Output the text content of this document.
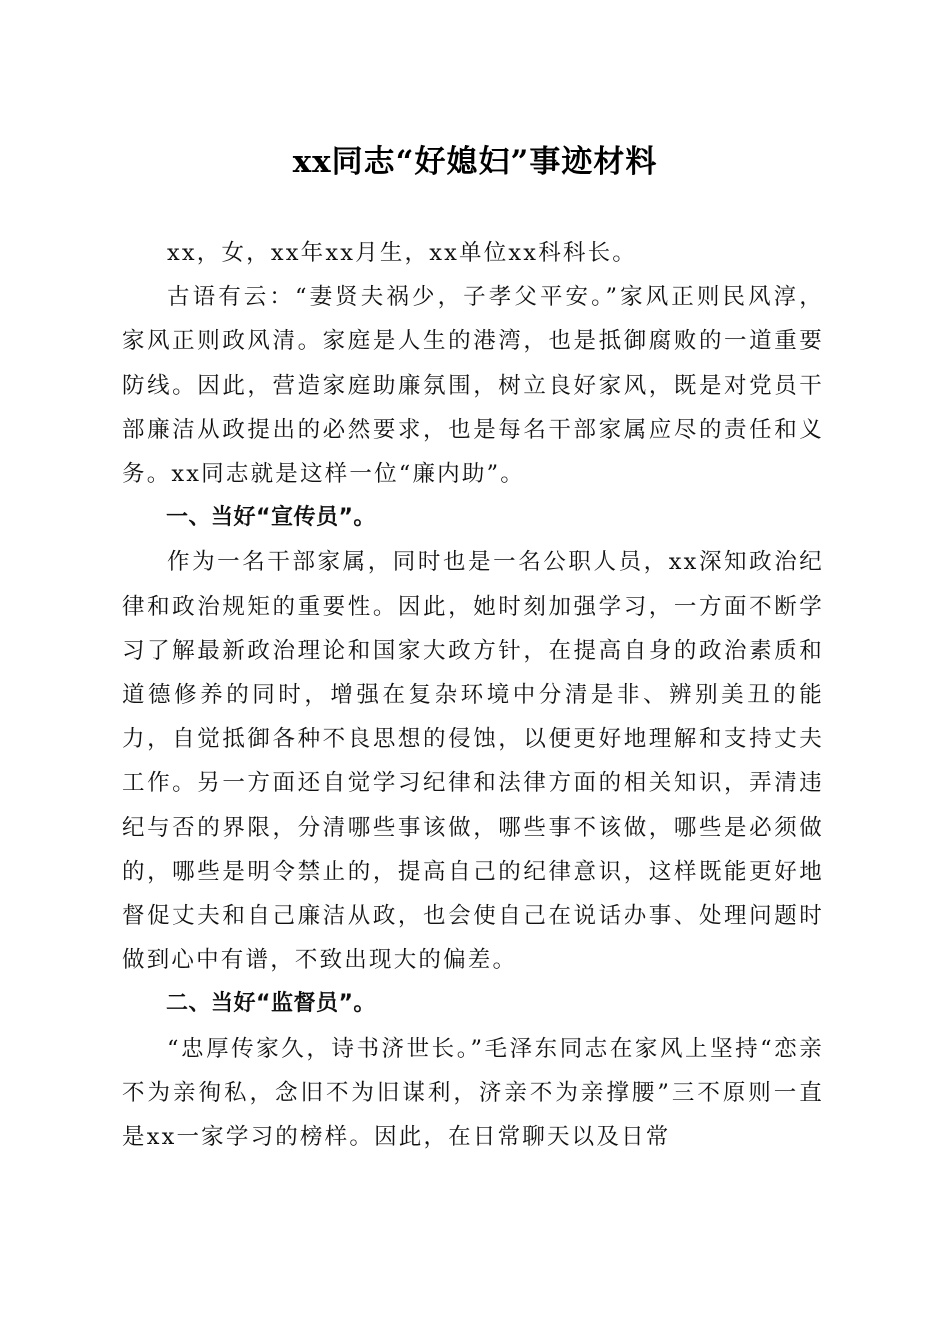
xx同志“好媳妇”事迹材料

xx，女，xx年xx月生，xx单位xx科科长。

古语有云：“妻贤夫祸少，子孝父平安。”家风正则民风淳，家风正则政风清。家庭是人生的港湾，也是抵御腐败的一道重要防线。因此，营造家庭助廉氛围，树立良好家风，既是对党员干部廉洁从政提出的必然要求，也是每名干部家属应尽的责任和义务。xx同志就是这样一位“廉内助”。

一、当好“宣传员”。

作为一名干部家属，同时也是一名公职人员，xx深知政治纪律和政治规矩的重要性。因此，她时刻加强学习，一方面不断学习了解最新政治理论和国家大政方针，在提高自身的政治素质和道德修养的同时，增强在复杂环境中分清是非、辨别美丑的能力，自觉抵御各种不良思想的侵蚀，以便更好地理解和支持丈夫工作。另一方面还自觉学习纪律和法律方面的相关知识，弄清违纪与否的界限，分清哪些事该做，哪些事不该做，哪些是必须做的，哪些是明令禁止的，提高自己的纪律意识，这样既能更好地督促丈夫和自己廉洁从政，也会使自己在说话办事、处理问题时做到心中有谱，不致出现大的偏差。

二、当好“监督员”。

“忠厚传家久，诗书济世长。”毛泽东同志在家风上坚持“恋亲不为亲徇私，念旧不为旧谋利，济亲不为亲撑腰”三不原则一直是xx一家学习的榜样。因此，在日常聊天以及日常
